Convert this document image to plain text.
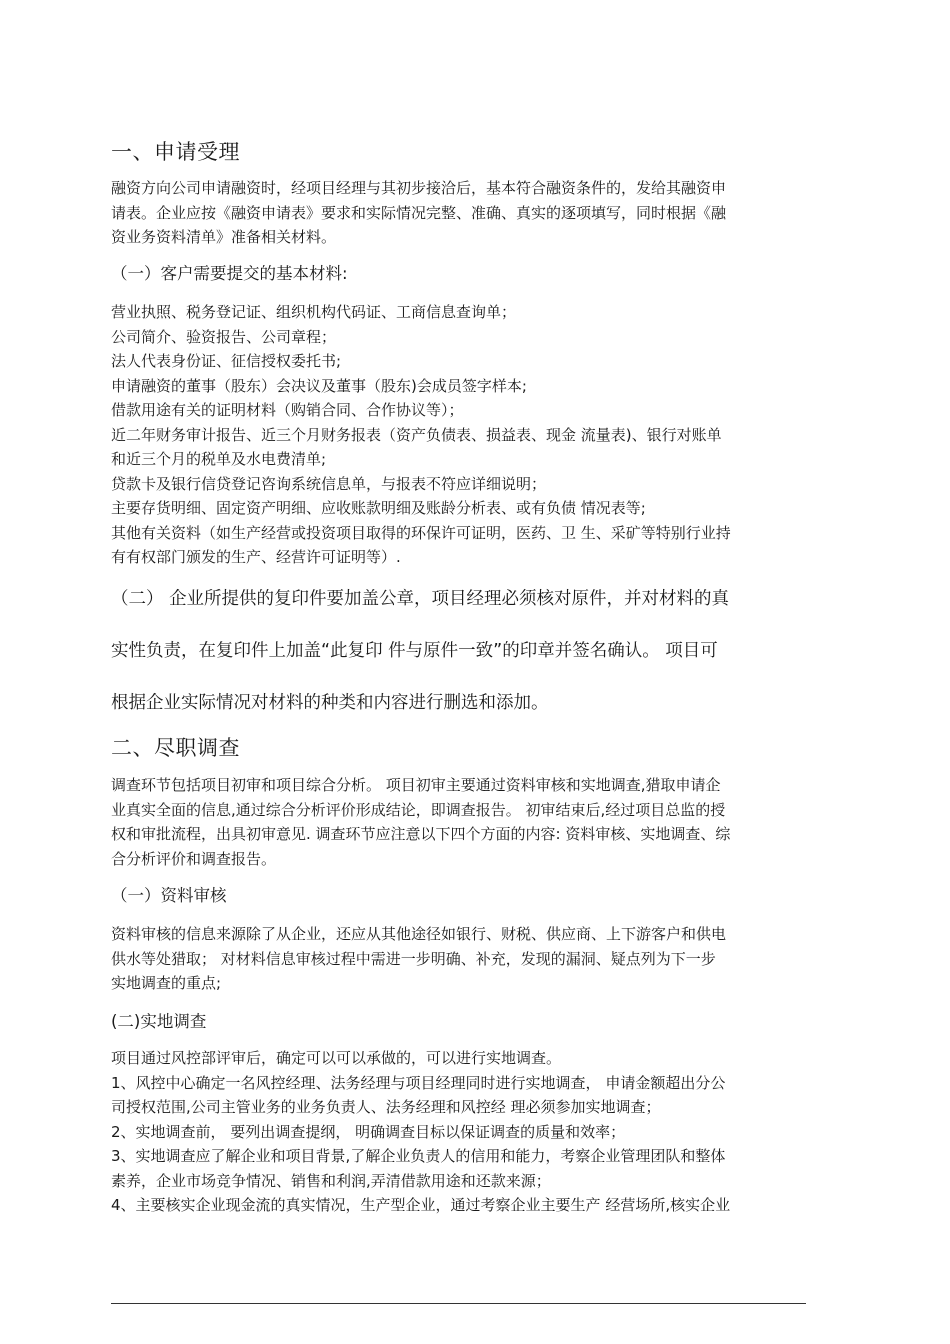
一、申请受理
融资方向公司申请融资时，经项目经理与其初步接洽后，基本符合融资条件的，发给其融资申
请表。企业应按《融资申请表》要求和实际情况完整、准确、真实的逐项填写，同时根据《融
资业务资料清单》准备相关材料。
（一）客户需要提交的基本材料:
营业执照、税务登记证、组织机构代码证、工商信息查询单；
公司简介、验资报告、公司章程；
法人代表身份证、征信授权委托书;
申请融资的董事（股东）会决议及董事（股东)会成员签字样本;
借款用途有关的证明材料（购销合同、合作协议等）；
近二年财务审计报告、近三个月财务报表（资产负债表、损益表、现金 流量表)、银行对账单
和近三个月的税单及水电费清单;
贷款卡及银行信贷登记咨询系统信息单，与报表不符应详细说明；
主要存货明细、固定资产明细、应收账款明细及账龄分析表、或有负债 情况表等;
其他有关资料（如生产经营或投资项目取得的环保许可证明，医药、卫 生、采矿等特别行业持
有有权部门颁发的生产、经营许可证明等）.
（二） 企业所提供的复印件要加盖公章，项目经理必须核对原件，并对材料的真
实性负责，在复印件上加盖“此复印 件与原件一致”的印章并签名确认。 项目可
根据企业实际情况对材料的种类和内容进行删选和添加。
二、尽职调查
调查环节包括项目初审和项目综合分析。 项目初审主要通过资料审核和实地调查,猎取申请企
业真实全面的信息,通过综合分析评价形成结论，即调查报告。 初审结束后,经过项目总监的授
权和审批流程，出具初审意见. 调查环节应注意以下四个方面的内容: 资料审核、实地调查、综
合分析评价和调查报告。
（一）资料审核
资料审核的信息来源除了从企业，还应从其他途径如银行、财税、供应商、上下游客户和供电
供水等处猎取； 对材料信息审核过程中需进一步明确、补充，发现的漏洞、疑点列为下一步
实地调查的重点;
(二)实地调查
项目通过风控部评审后，确定可以可以承做的，可以进行实地调查。
1、风控中心确定一名风控经理、法务经理与项目经理同时进行实地调查， 申请金额超出分公
司授权范围,公司主管业务的业务负责人、法务经理和风控经 理必须参加实地调查；
2、实地调查前， 要列出调查提纲， 明确调查目标以保证调查的质量和效率；
3、实地调查应了解企业和项目背景,了解企业负责人的信用和能力，考察企业管理团队和整体
素养，企业市场竞争情况、销售和利润,弄清借款用途和还款来源；
4、主要核实企业现金流的真实情况，生产型企业，通过考察企业主要生产 经营场所,核实企业
